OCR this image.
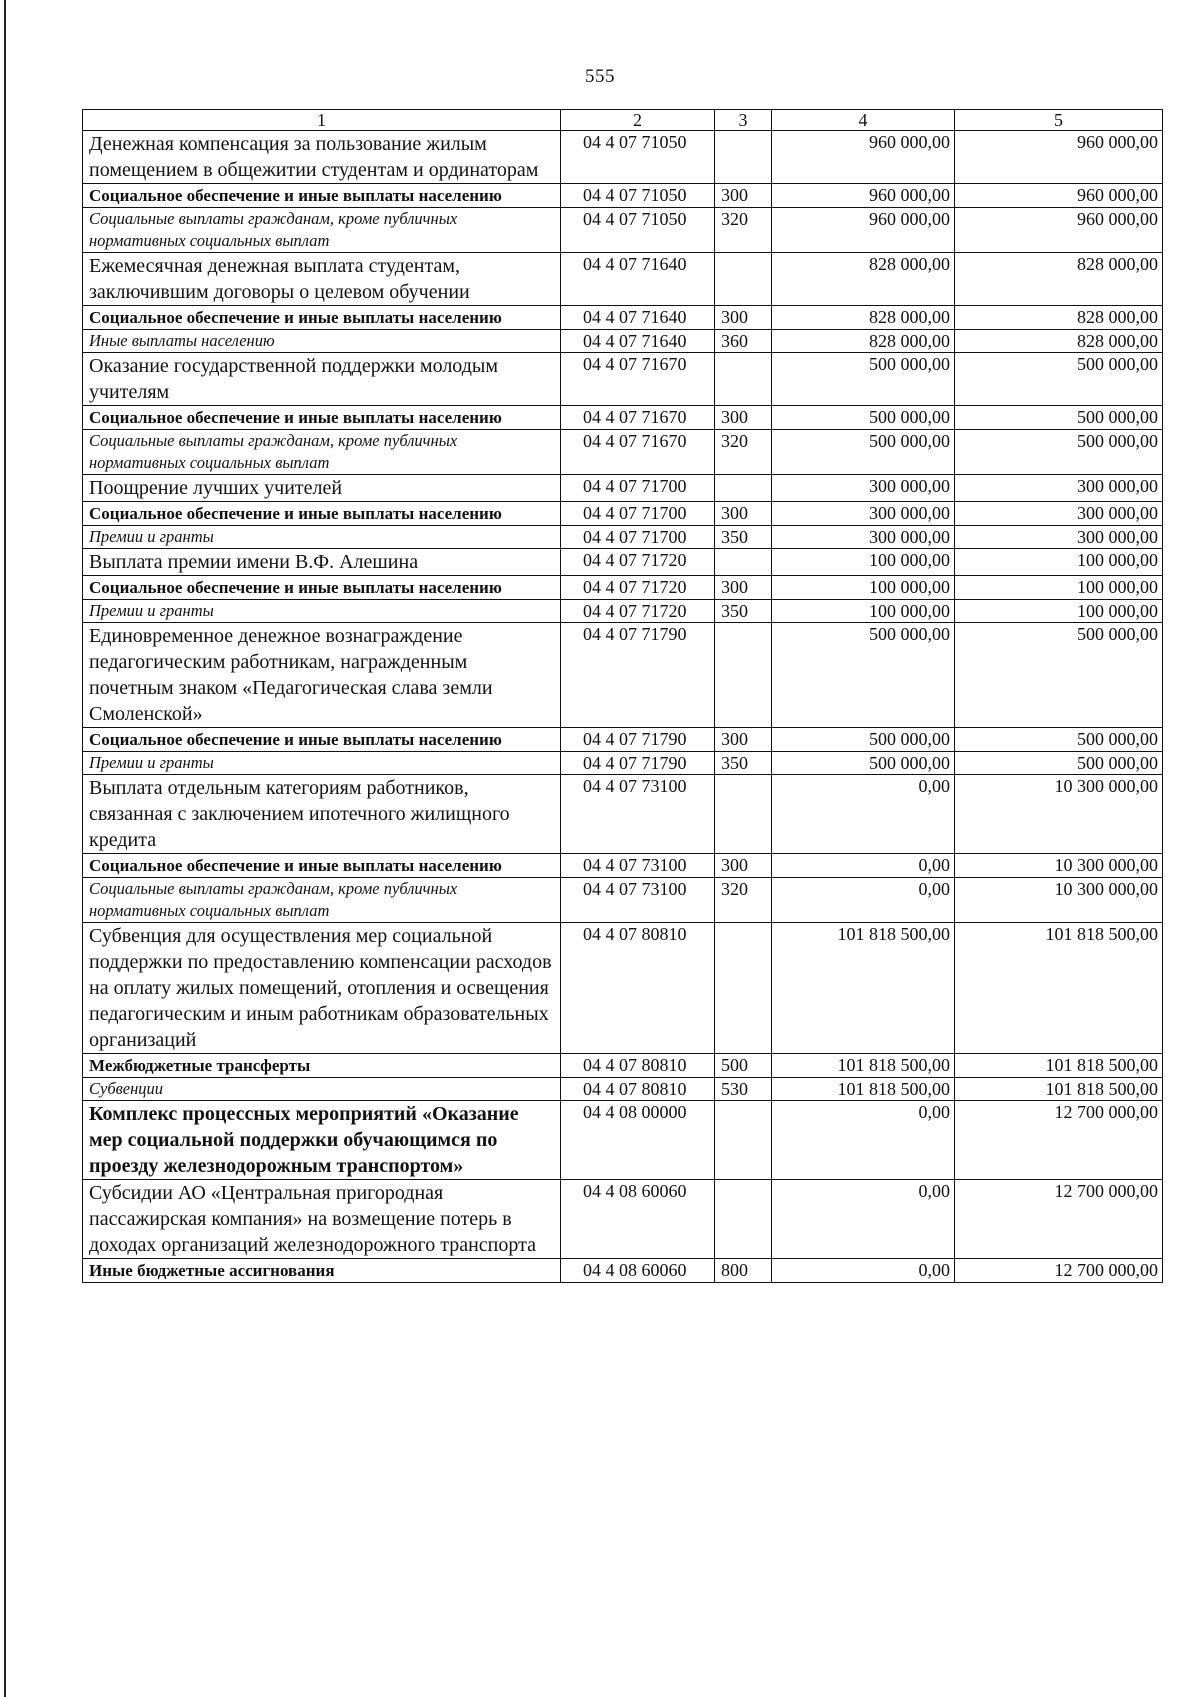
555
1	2	3	4	5
Денежная компенсация за пользование жилым помещением в общежитии студентам и ординаторам	04 4 07 71050		960 000,00	960 000,00
Социальное обеспечение и иные выплаты населению	04 4 07 71050	300	960 000,00	960 000,00
Социальные выплаты гражданам, кроме публичных нормативных социальных выплат	04 4 07 71050	320	960 000,00	960 000,00
Ежемесячная денежная выплата студентам, заключившим договоры о целевом обучении	04 4 07 71640		828 000,00	828 000,00
Социальное обеспечение и иные выплаты населению	04 4 07 71640	300	828 000,00	828 000,00
Иные выплаты населению	04 4 07 71640	360	828 000,00	828 000,00
Оказание государственной поддержки молодым учителям	04 4 07 71670		500 000,00	500 000,00
Социальное обеспечение и иные выплаты населению	04 4 07 71670	300	500 000,00	500 000,00
Социальные выплаты гражданам, кроме публичных нормативных социальных выплат	04 4 07 71670	320	500 000,00	500 000,00
Поощрение лучших учителей	04 4 07 71700		300 000,00	300 000,00
Социальное обеспечение и иные выплаты населению	04 4 07 71700	300	300 000,00	300 000,00
Премии и гранты	04 4 07 71700	350	300 000,00	300 000,00
Выплата премии имени В.Ф. Алешина	04 4 07 71720		100 000,00	100 000,00
Социальное обеспечение и иные выплаты населению	04 4 07 71720	300	100 000,00	100 000,00
Премии и гранты	04 4 07 71720	350	100 000,00	100 000,00
Единовременное денежное вознаграждение педагогическим работникам, награжденным почетным знаком «Педагогическая слава земли Смоленской»	04 4 07 71790		500 000,00	500 000,00
Социальное обеспечение и иные выплаты населению	04 4 07 71790	300	500 000,00	500 000,00
Премии и гранты	04 4 07 71790	350	500 000,00	500 000,00
Выплата отдельным категориям работников, связанная с заключением ипотечного жилищного кредита	04 4 07 73100		0,00	10 300 000,00
Социальное обеспечение и иные выплаты населению	04 4 07 73100	300	0,00	10 300 000,00
Социальные выплаты гражданам, кроме публичных нормативных социальных выплат	04 4 07 73100	320	0,00	10 300 000,00
Субвенция для осуществления мер социальной поддержки по предоставлению компенсации расходов на оплату жилых помещений, отопления и освещения педагогическим и иным работникам образовательных организаций	04 4 07 80810		101 818 500,00	101 818 500,00
Межбюджетные трансферты	04 4 07 80810	500	101 818 500,00	101 818 500,00
Субвенции	04 4 07 80810	530	101 818 500,00	101 818 500,00
Комплекс процессных мероприятий «Оказание мер социальной поддержки обучающимся по проезду железнодорожным транспортом»	04 4 08 00000		0,00	12 700 000,00
Субсидии АО «Центральная пригородная пассажирская компания» на возмещение потерь в доходах организаций железнодорожного транспорта	04 4 08 60060		0,00	12 700 000,00
Иные бюджетные ассигнования	04 4 08 60060	800	0,00	12 700 000,00
